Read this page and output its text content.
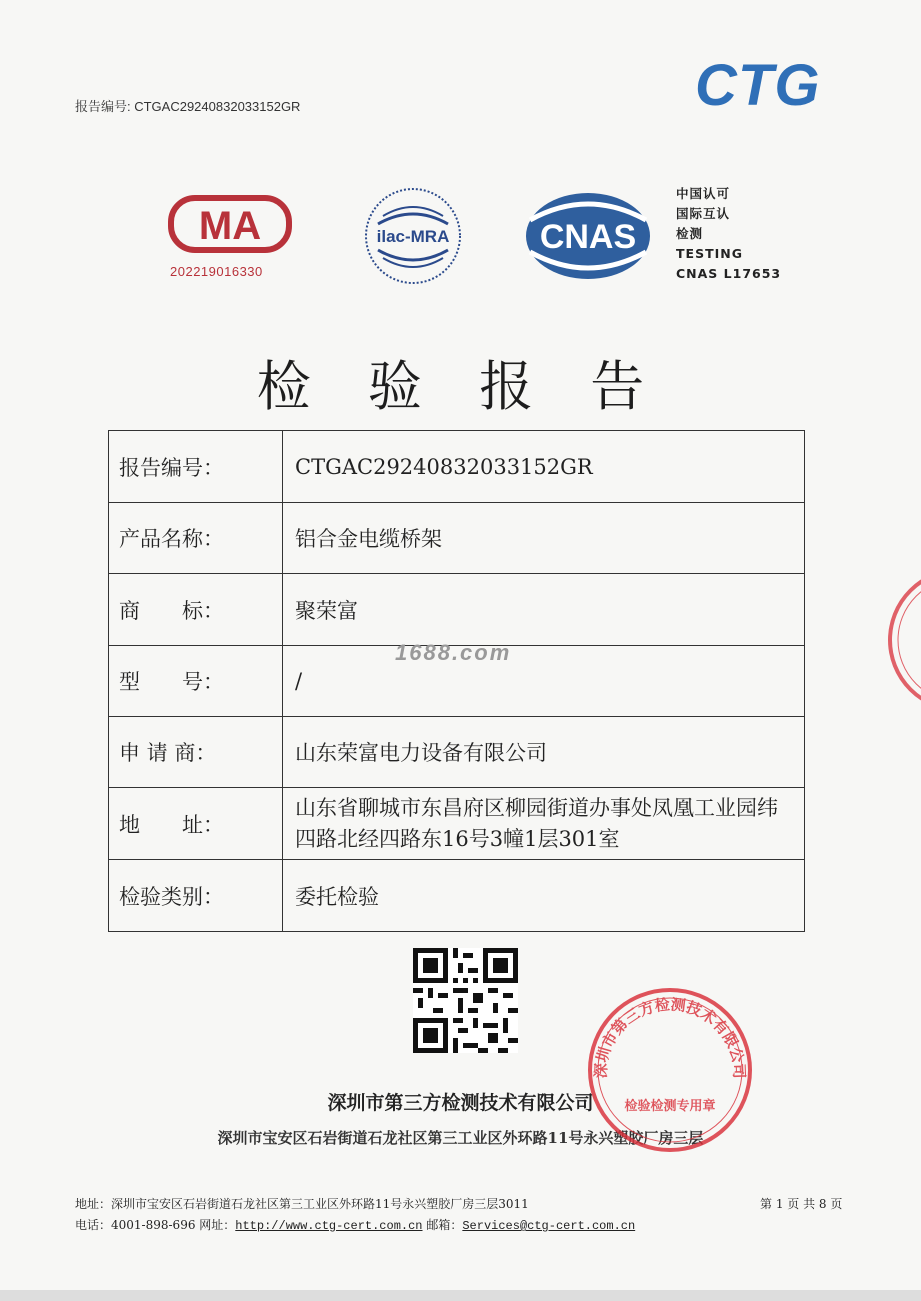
报告编号: CTGAC29240832033152GR	CTG
MA
202219016330
ilac-MRA	CNAS
中国认可
国际互认
检测
TESTING
CNAS L17653
检 验 报 告
报告编号：	CTGAC29240832033152GR
产品名称：	铝合金电缆桥架
商　　标：	聚荣富
型　　号：	/
申 请 商：	山东荣富电力设备有限公司
地　　址：	山东省聊城市东昌府区柳园街道办事处凤凰工业园纬四路北经四路东16号3幢1层301室
检验类别：	委托检验
1688.com
深圳市第三方检测技术有限公司
深圳市宝安区石岩街道石龙社区第三工业区外环路11号永兴塑胶厂房三层
深圳市第三方检测技术有限公司
检验检测专用章
地址：深圳市宝安区石岩街道石龙社区第三工业区外环路11号永兴塑胶厂房三层3011	第 1 页 共 8 页
电话：4001-898-696 网址：http://www.ctg-cert.com.cn 邮箱：Services@ctg-cert.com.cn
